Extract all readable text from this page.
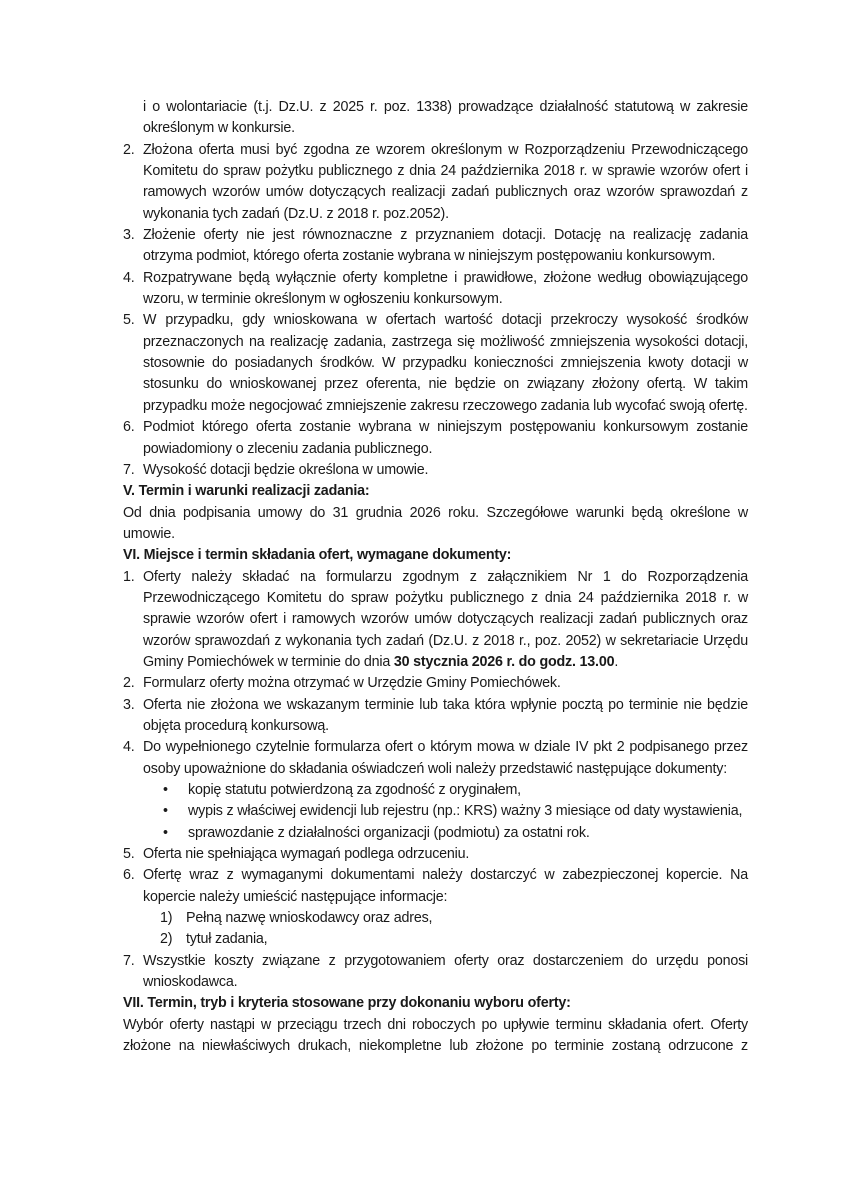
i o wolontariacie (t.j. Dz.U. z 2025 r. poz. 1338) prowadzące działalność statutową w zakresie określonym w konkursie.
2. Złożona oferta musi być zgodna ze wzorem określonym w Rozporządzeniu Przewodniczącego Komitetu do spraw pożytku publicznego z dnia 24 października 2018 r. w sprawie wzorów ofert i ramowych wzorów umów dotyczących realizacji zadań publicznych oraz wzorów sprawozdań z wykonania tych zadań (Dz.U. z 2018 r. poz.2052).
3. Złożenie oferty nie jest równoznaczne z przyznaniem dotacji. Dotację na realizację zadania otrzyma podmiot, którego oferta zostanie wybrana w niniejszym postępowaniu konkursowym.
4. Rozpatrywane będą wyłącznie oferty kompletne i prawidłowe, złożone według obowiązującego wzoru, w terminie określonym w ogłoszeniu konkursowym.
5. W przypadku, gdy wnioskowana w ofertach wartość dotacji przekroczy wysokość środków przeznaczonych na realizację zadania, zastrzega się możliwość zmniejszenia wysokości dotacji, stosownie do posiadanych środków. W przypadku konieczności zmniejszenia kwoty dotacji w stosunku do wnioskowanej przez oferenta, nie będzie on związany złożony ofertą. W takim przypadku może negocjować zmniejszenie zakresu rzeczowego zadania lub wycofać swoją ofertę.
6. Podmiot którego oferta zostanie wybrana w niniejszym postępowaniu konkursowym zostanie powiadomiony o zleceniu zadania publicznego.
7. Wysokość dotacji będzie określona w umowie.
V. Termin i warunki realizacji zadania:
Od dnia podpisania umowy do 31 grudnia 2026 roku. Szczegółowe warunki będą określone w umowie.
VI. Miejsce i termin składania ofert, wymagane dokumenty:
1. Oferty należy składać na formularzu zgodnym z załącznikiem Nr 1 do Rozporządzenia Przewodniczącego Komitetu do spraw pożytku publicznego z dnia 24 października 2018 r. w sprawie wzorów ofert i ramowych wzorów umów dotyczących realizacji zadań publicznych oraz wzorów sprawozdań z wykonania tych zadań (Dz.U. z 2018 r., poz. 2052) w sekretariacie Urzędu Gminy Pomiechówek w terminie do dnia 30 stycznia 2026 r. do godz. 13.00.
2. Formularz oferty można otrzymać w Urzędzie Gminy Pomiechówek.
3. Oferta nie złożona we wskazanym terminie lub taka która wpłynie pocztą po terminie nie będzie objęta procedurą konkursową.
4. Do wypełnionego czytelnie formularza ofert o którym mowa w dziale IV pkt 2 podpisanego przez osoby upoważnione do składania oświadczeń woli należy przedstawić następujące dokumenty:
•	kopię statutu potwierdzoną za zgodność z oryginałem,
•	wypis z właściwej ewidencji lub rejestru (np.: KRS) ważny 3 miesiące od daty wystawienia,
•	sprawozdanie z działalności organizacji (podmiotu) za ostatni rok.
5. Oferta nie spełniająca wymagań podlega odrzuceniu.
6. Ofertę wraz z wymaganymi dokumentami należy dostarczyć w zabezpieczonej kopercie. Na kopercie należy umieścić następujące informacje:
1) Pełną nazwę wnioskodawcy oraz adres,
2) tytuł zadania,
7. Wszystkie koszty związane z przygotowaniem oferty oraz dostarczeniem do urzędu ponosi wnioskodawca.
VII. Termin, tryb i kryteria stosowane przy dokonaniu wyboru oferty:
Wybór oferty nastąpi w przeciągu trzech dni roboczych po upływie terminu składania ofert. Oferty złożone na niewłaściwych drukach, niekompletne lub złożone po terminie zostaną odrzucone z
